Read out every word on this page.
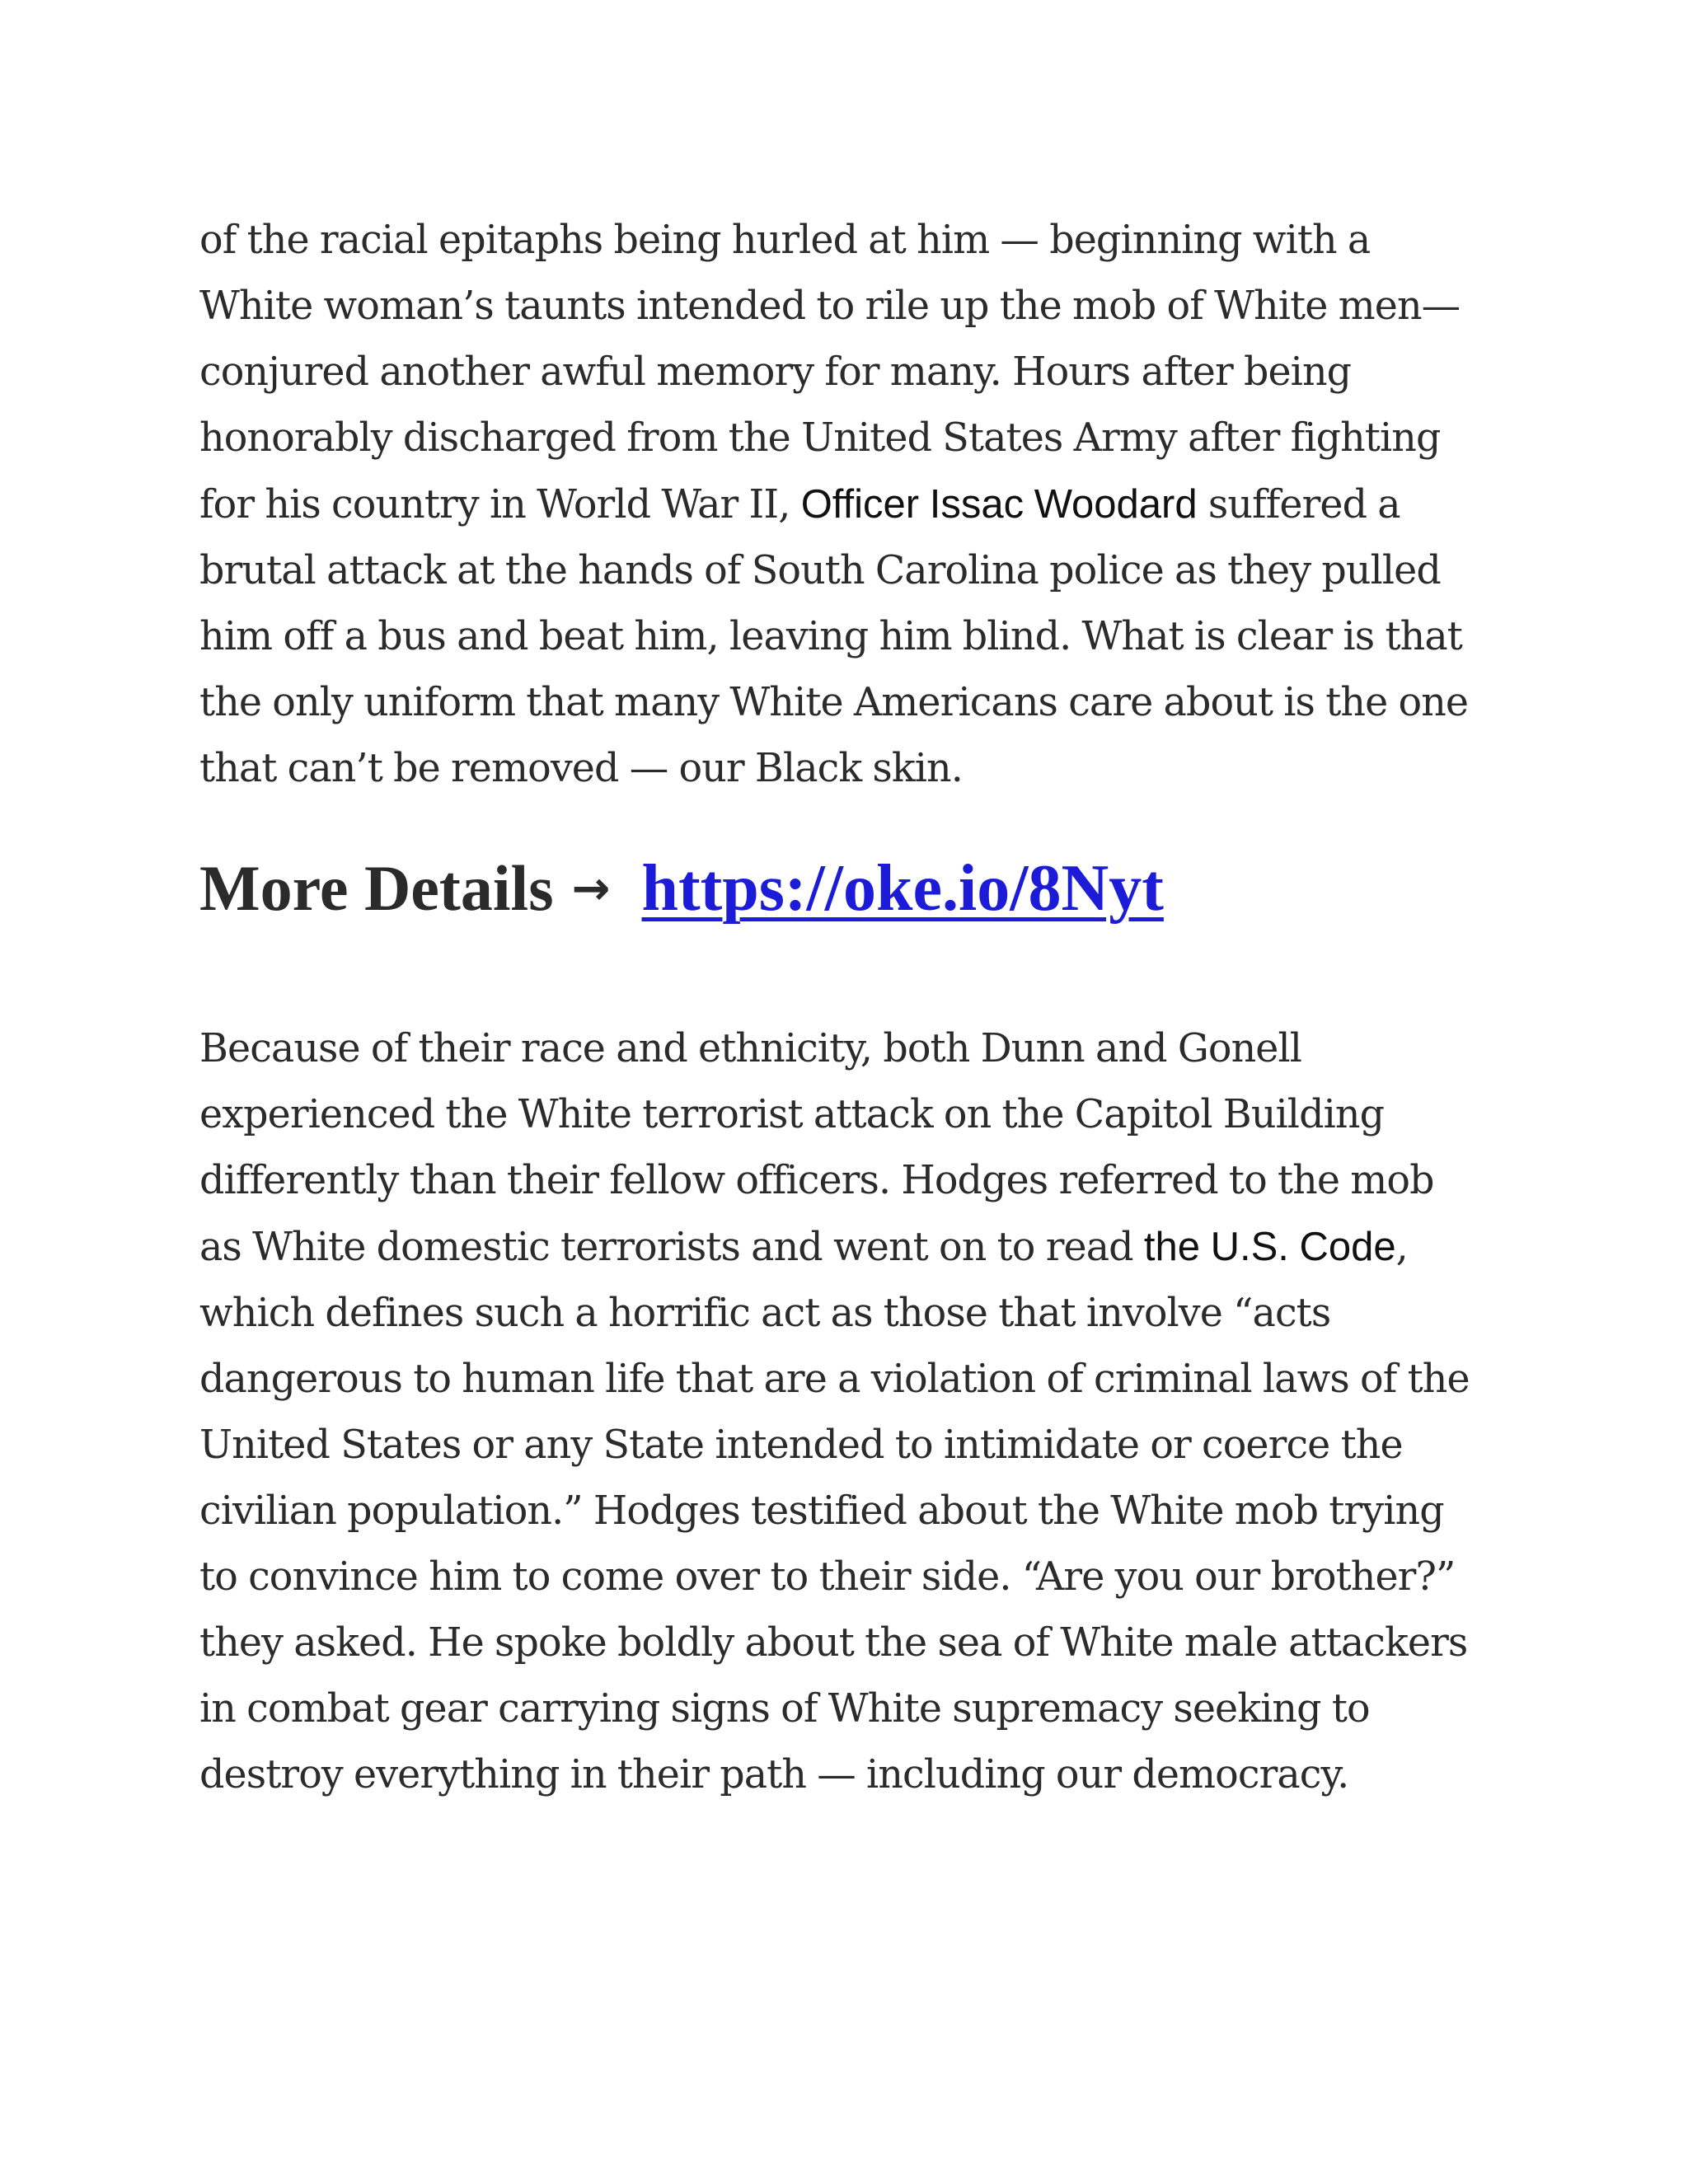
of the racial epitaphs being hurled at him — beginning with a
White woman’s taunts intended to rile up the mob of White men—
conjured another awful memory for many. Hours after being
honorably discharged from the United States Army after fighting
for his country in World War II, Officer Issac Woodard suffered a
brutal attack at the hands of South Carolina police as they pulled
him off a bus and beat him, leaving him blind. What is clear is that
the only uniform that many White Americans care about is the one
that can’t be removed — our Black skin.

More Details → https://oke.io/8Nyt

Because of their race and ethnicity, both Dunn and Gonell
experienced the White terrorist attack on the Capitol Building
differently than their fellow officers. Hodges referred to the mob
as White domestic terrorists and went on to read the U.S. Code,
which defines such a horrific act as those that involve “acts
dangerous to human life that are a violation of criminal laws of the
United States or any State intended to intimidate or coerce the
civilian population.” Hodges testified about the White mob trying
to convince him to come over to their side. “Are you our brother?”
they asked. He spoke boldly about the sea of White male attackers
in combat gear carrying signs of White supremacy seeking to
destroy everything in their path — including our democracy.
